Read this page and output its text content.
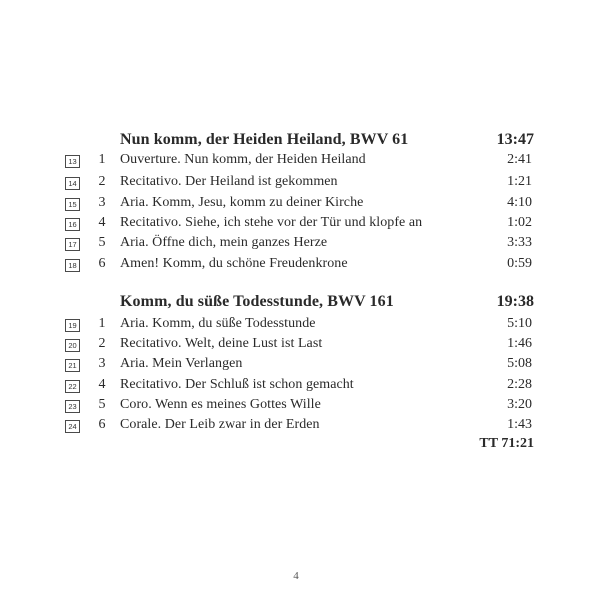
Nun komm, der Heiden Heiland, BWV 61	13:47
13 1 Ouverture. Nun komm, der Heiden Heiland	2:41
14 2 Recitativo. Der Heiland ist gekommen	1:21
15 3 Aria. Komm, Jesu, komm zu deiner Kirche	4:10
16 4 Recitativo. Siehe, ich stehe vor der Tür und klopfe an	1:02
17 5 Aria. Öffne dich, mein ganzes Herze	3:33
18 6 Amen! Komm, du schöne Freudenkrone	0:59
Komm, du süße Todesstunde, BWV 161	19:38
19 1 Aria. Komm, du süße Todesstunde	5:10
20 2 Recitativo. Welt, deine Lust ist Last	1:46
21 3 Aria. Mein Verlangen	5:08
22 4 Recitativo. Der Schluß ist schon gemacht	2:28
23 5 Coro. Wenn es meines Gottes Wille	3:20
24 6 Corale. Der Leib zwar in der Erden	1:43
TT 71:21
4
